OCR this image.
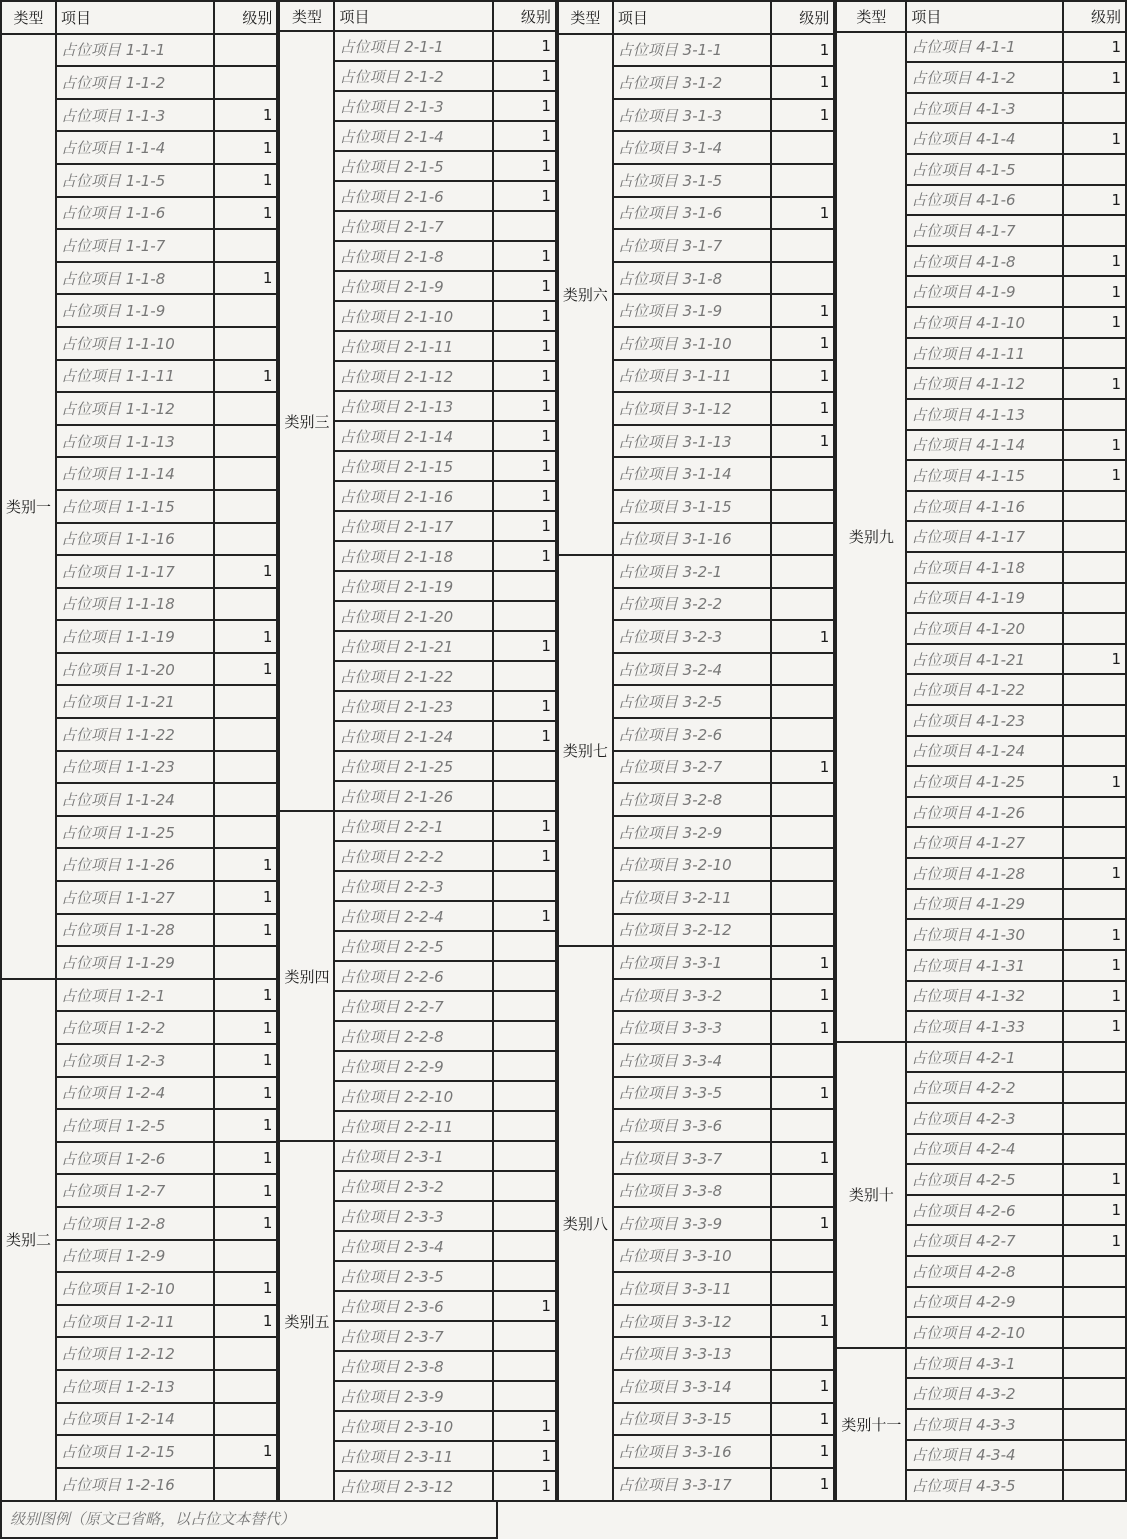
类型	项目	级别
类别一	占位项目 1-1-1	
	占位项目 1-1-2	
	占位项目 1-1-3	1
	占位项目 1-1-4	1
	占位项目 1-1-5	1
	占位项目 1-1-6	1
	占位项目 1-1-7	
	占位项目 1-1-8	1
	占位项目 1-1-9	
	占位项目 1-1-10	
	占位项目 1-1-11	1
	占位项目 1-1-12	
	占位项目 1-1-13	
	占位项目 1-1-14	
	占位项目 1-1-15	
	占位项目 1-1-16	
	占位项目 1-1-17	1
	占位项目 1-1-18	
	占位项目 1-1-19	1
	占位项目 1-1-20	1
	占位项目 1-1-21	
	占位项目 1-1-22	
	占位项目 1-1-23	
	占位项目 1-1-24	
	占位项目 1-1-25	
	占位项目 1-1-26	1
	占位项目 1-1-27	1
	占位项目 1-1-28	1
	占位项目 1-1-29	
类别二	占位项目 1-2-1	1
	占位项目 1-2-2	1
	占位项目 1-2-3	1
	占位项目 1-2-4	1
	占位项目 1-2-5	1
	占位项目 1-2-6	1
	占位项目 1-2-7	1
	占位项目 1-2-8	1
	占位项目 1-2-9	
	占位项目 1-2-10	1
	占位项目 1-2-11	1
	占位项目 1-2-12	
	占位项目 1-2-13	
	占位项目 1-2-14	
	占位项目 1-2-15	1
	占位项目 1-2-16	
类型	项目	级别
类别三	占位项目 2-1-1	1
	占位项目 2-1-2	1
	占位项目 2-1-3	1
	占位项目 2-1-4	1
	占位项目 2-1-5	1
	占位项目 2-1-6	1
	占位项目 2-1-7	
	占位项目 2-1-8	1
	占位项目 2-1-9	1
	占位项目 2-1-10	1
	占位项目 2-1-11	1
	占位项目 2-1-12	1
	占位项目 2-1-13	1
	占位项目 2-1-14	1
	占位项目 2-1-15	1
	占位项目 2-1-16	1
	占位项目 2-1-17	1
	占位项目 2-1-18	1
	占位项目 2-1-19	
	占位项目 2-1-20	
	占位项目 2-1-21	1
	占位项目 2-1-22	
	占位项目 2-1-23	1
	占位项目 2-1-24	1
	占位项目 2-1-25	
	占位项目 2-1-26	
类别四	占位项目 2-2-1	1
	占位项目 2-2-2	1
	占位项目 2-2-3	
	占位项目 2-2-4	1
	占位项目 2-2-5	
	占位项目 2-2-6	
	占位项目 2-2-7	
	占位项目 2-2-8	
	占位项目 2-2-9	
	占位项目 2-2-10	
	占位项目 2-2-11	
类别五	占位项目 2-3-1	
	占位项目 2-3-2	
	占位项目 2-3-3	
	占位项目 2-3-4	
	占位项目 2-3-5	
	占位项目 2-3-6	1
	占位项目 2-3-7	
	占位项目 2-3-8	
	占位项目 2-3-9	
	占位项目 2-3-10	1
	占位项目 2-3-11	1
	占位项目 2-3-12	1
类型	项目	级别
类别六	占位项目 3-1-1	1
	占位项目 3-1-2	1
	占位项目 3-1-3	1
	占位项目 3-1-4	
	占位项目 3-1-5	
	占位项目 3-1-6	1
	占位项目 3-1-7	
	占位项目 3-1-8	
	占位项目 3-1-9	1
	占位项目 3-1-10	1
	占位项目 3-1-11	1
	占位项目 3-1-12	1
	占位项目 3-1-13	1
	占位项目 3-1-14	
	占位项目 3-1-15	
	占位项目 3-1-16	
类别七	占位项目 3-2-1	
	占位项目 3-2-2	
	占位项目 3-2-3	1
	占位项目 3-2-4	
	占位项目 3-2-5	
	占位项目 3-2-6	
	占位项目 3-2-7	1
	占位项目 3-2-8	
	占位项目 3-2-9	
	占位项目 3-2-10	
	占位项目 3-2-11	
	占位项目 3-2-12	
类别八	占位项目 3-3-1	1
	占位项目 3-3-2	1
	占位项目 3-3-3	1
	占位项目 3-3-4	
	占位项目 3-3-5	1
	占位项目 3-3-6	
	占位项目 3-3-7	1
	占位项目 3-3-8	
	占位项目 3-3-9	1
	占位项目 3-3-10	
	占位项目 3-3-11	
	占位项目 3-3-12	1
	占位项目 3-3-13	
	占位项目 3-3-14	1
	占位项目 3-3-15	1
	占位项目 3-3-16	1
	占位项目 3-3-17	1
类型	项目	级别
类别九	占位项目 4-1-1	1
	占位项目 4-1-2	1
	占位项目 4-1-3	
	占位项目 4-1-4	1
	占位项目 4-1-5	
	占位项目 4-1-6	1
	占位项目 4-1-7	
	占位项目 4-1-8	1
	占位项目 4-1-9	1
	占位项目 4-1-10	1
	占位项目 4-1-11	
	占位项目 4-1-12	1
	占位项目 4-1-13	
	占位项目 4-1-14	1
	占位项目 4-1-15	1
	占位项目 4-1-16	
	占位项目 4-1-17	
	占位项目 4-1-18	
	占位项目 4-1-19	
	占位项目 4-1-20	
	占位项目 4-1-21	1
	占位项目 4-1-22	
	占位项目 4-1-23	
	占位项目 4-1-24	
	占位项目 4-1-25	1
	占位项目 4-1-26	
	占位项目 4-1-27	
	占位项目 4-1-28	1
	占位项目 4-1-29	
	占位项目 4-1-30	1
	占位项目 4-1-31	1
	占位项目 4-1-32	1
	占位项目 4-1-33	1
类别十	占位项目 4-2-1	
	占位项目 4-2-2	
	占位项目 4-2-3	
	占位项目 4-2-4	
	占位项目 4-2-5	1
	占位项目 4-2-6	1
	占位项目 4-2-7	1
	占位项目 4-2-8	
	占位项目 4-2-9	
	占位项目 4-2-10	
类别十一	占位项目 4-3-1	
	占位项目 4-3-2	
	占位项目 4-3-3	
	占位项目 4-3-4	
	占位项目 4-3-5	
级别图例（原文已省略，以占位文本替代）
